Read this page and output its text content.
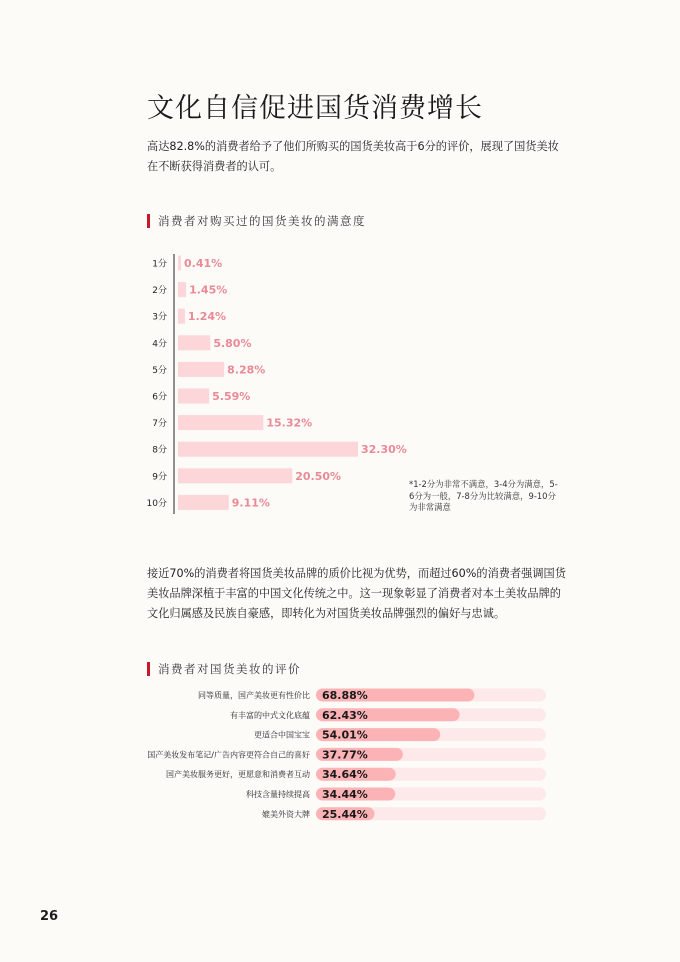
文化自信促进国货消费增长
高达82.8%的消费者给予了他们所购买的国货美妆高于6分的评价，展现了国货美妆在不断获得消费者的认可。
消费者对购买过的国货美妆的满意度
1分 0.41%
2分 1.45%
3分 1.24%
4分	5.80%
5分	8.28%
6分	5.59%
7分	15.32%
8分	32.30%
9分	20.50%
10分	9.11%
*1-2分为非常不满意，3-4分为满意，5-6分为一般，7-8分为比较满意，9-10分为非常满意
接近70%的消费者将国货美妆品牌的质价比视为优势，而超过60%的消费者强调国货美妆品牌深植于丰富的中国文化传统之中。这一现象彰显了消费者对本土美妆品牌的文化归属感及民族自豪感，即转化为对国货美妆品牌强烈的偏好与忠诚。
消费者对国货美妆的评价
同等质量，国产美妆更有性价比 68.88%
有丰富的中式文化底蕴 62.43%
更适合中国宝宝 54.01%
国产美妆发布笔记/广告内容更符合自己的喜好 37.77%
国产美妆服务更好，更愿意和消费者互动 34.64%
科技含量持续提高 34.44%
媲美外资大牌 25.44%
26
